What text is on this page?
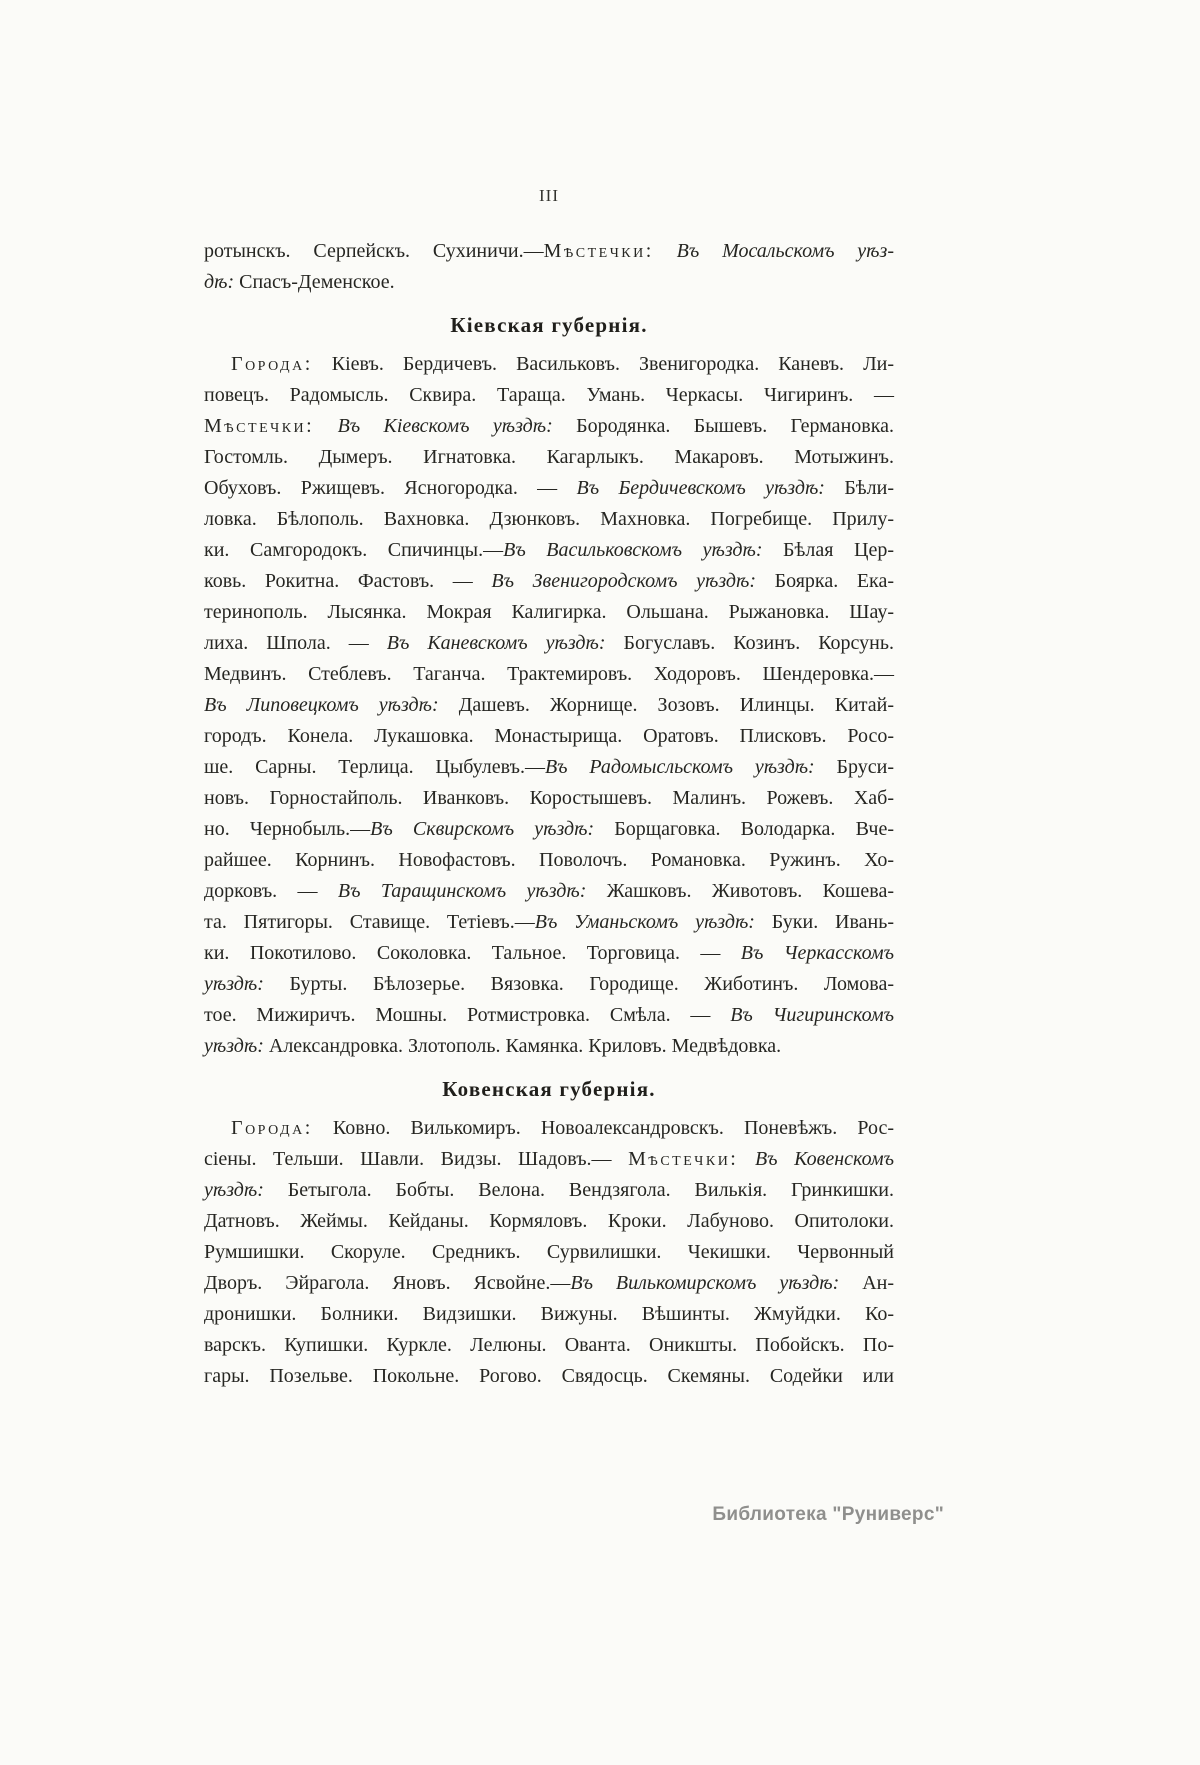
III
ротынскъ. Серпейскъ. Сухиничи.—Мѣстечки: Въ Мосальскомъ уѣз-
дѣ: Спасъ-Деменское.
Кіевская губернія.
Города: Кіевъ. Бердичевъ. Васильковъ. Звенигородка. Каневъ. Ли-
повецъ. Радомысль. Сквира. Тараща. Умань. Черкасы. Чигиринъ. —
Мѣстечки: Въ Кіевскомъ уѣздѣ: Бородянка. Бышевъ. Германовка.
Гостомль. Дымеръ. Игнатовка. Кагарлыкъ. Макаровъ. Мотыжинъ.
Обуховъ. Ржищевъ. Ясногородка. — Въ Бердичевскомъ уѣздѣ: Бѣли-
ловка. Бѣлополь. Вахновка. Дзюнковъ. Махновка. Погребище. Прилу-
ки. Самгородокъ. Спичинцы.—Въ Васильковскомъ уѣздѣ: Бѣлая Цер-
ковь. Рокитна. Фастовъ. — Въ Звенигородскомъ уѣздѣ: Боярка. Ека-
теринополь. Лысянка. Мокрая Калигирка. Ольшана. Рыжановка. Шау-
лиха. Шпола. — Въ Каневскомъ уѣздѣ: Богуславъ. Козинъ. Корсунь.
Медвинъ. Стеблевъ. Таганча. Трактемировъ. Ходоровъ. Шендеровка.—
Въ Липовецкомъ уѣздѣ: Дашевъ. Жорнище. Зозовъ. Илинцы. Китай-
городъ. Конела. Лукашовка. Монастырища. Оратовъ. Плисковъ. Росо-
ше. Сарны. Терлица. Цыбулевъ.—Въ Радомысльскомъ уѣздѣ: Бруси-
новъ. Горностайполь. Иванковъ. Коростышевъ. Малинъ. Рожевъ. Хаб-
но. Чернобыль.—Въ Сквирскомъ уѣздѣ: Борщаговка. Володарка. Вче-
райшее. Корнинъ. Новофастовъ. Поволочъ. Романовка. Ружинъ. Хо-
дорковъ. — Въ Таращинскомъ уѣздѣ: Жашковъ. Животовъ. Кошева-
та. Пятигоры. Ставище. Тетіевъ.—Въ Уманьскомъ уѣздѣ: Буки. Ивань-
ки. Покотилово. Соколовка. Тальное. Торговица. — Въ Черкасскомъ
уѣздѣ: Бурты. Бѣлозерье. Вязовка. Городище. Жиботинъ. Ломова-
тое. Мижиричъ. Мошны. Ротмистровка. Смѣла. — Въ Чигиринскомъ
уѣздѣ: Александровка. Злотополь. Камянка. Криловъ. Медвѣдовка.
Ковенская губернія.
Города: Ковно. Вилькомиръ. Новоалександровскъ. Поневѣжъ. Рос-
сіены. Тельши. Шавли. Видзы. Шадовъ.— Мѣстечки: Въ Ковенскомъ
уѣздѣ: Бетыгола. Бобты. Велона. Вендзягола. Вилькія. Гринкишки.
Датновъ. Жеймы. Кейданы. Кормяловъ. Кроки. Лабуново. Опитолоки.
Румшишки. Скоруле. Средникъ. Сурвилишки. Чекишки. Червонный
Дворъ. Эйрагола. Яновъ. Ясвойне.—Въ Вилькомирскомъ уѣздѣ: Ан-
дронишки. Болники. Видзишки. Вижуны. Вѣшинты. Жмуйдки. Ко-
варскъ. Купишки. Куркле. Лелюны. Ованта. Оникшты. Побойскъ. По-
гары. Позельве. Покольне. Рогово. Свядосць. Скемяны. Содейки или
Библиотека "Руниверс"
